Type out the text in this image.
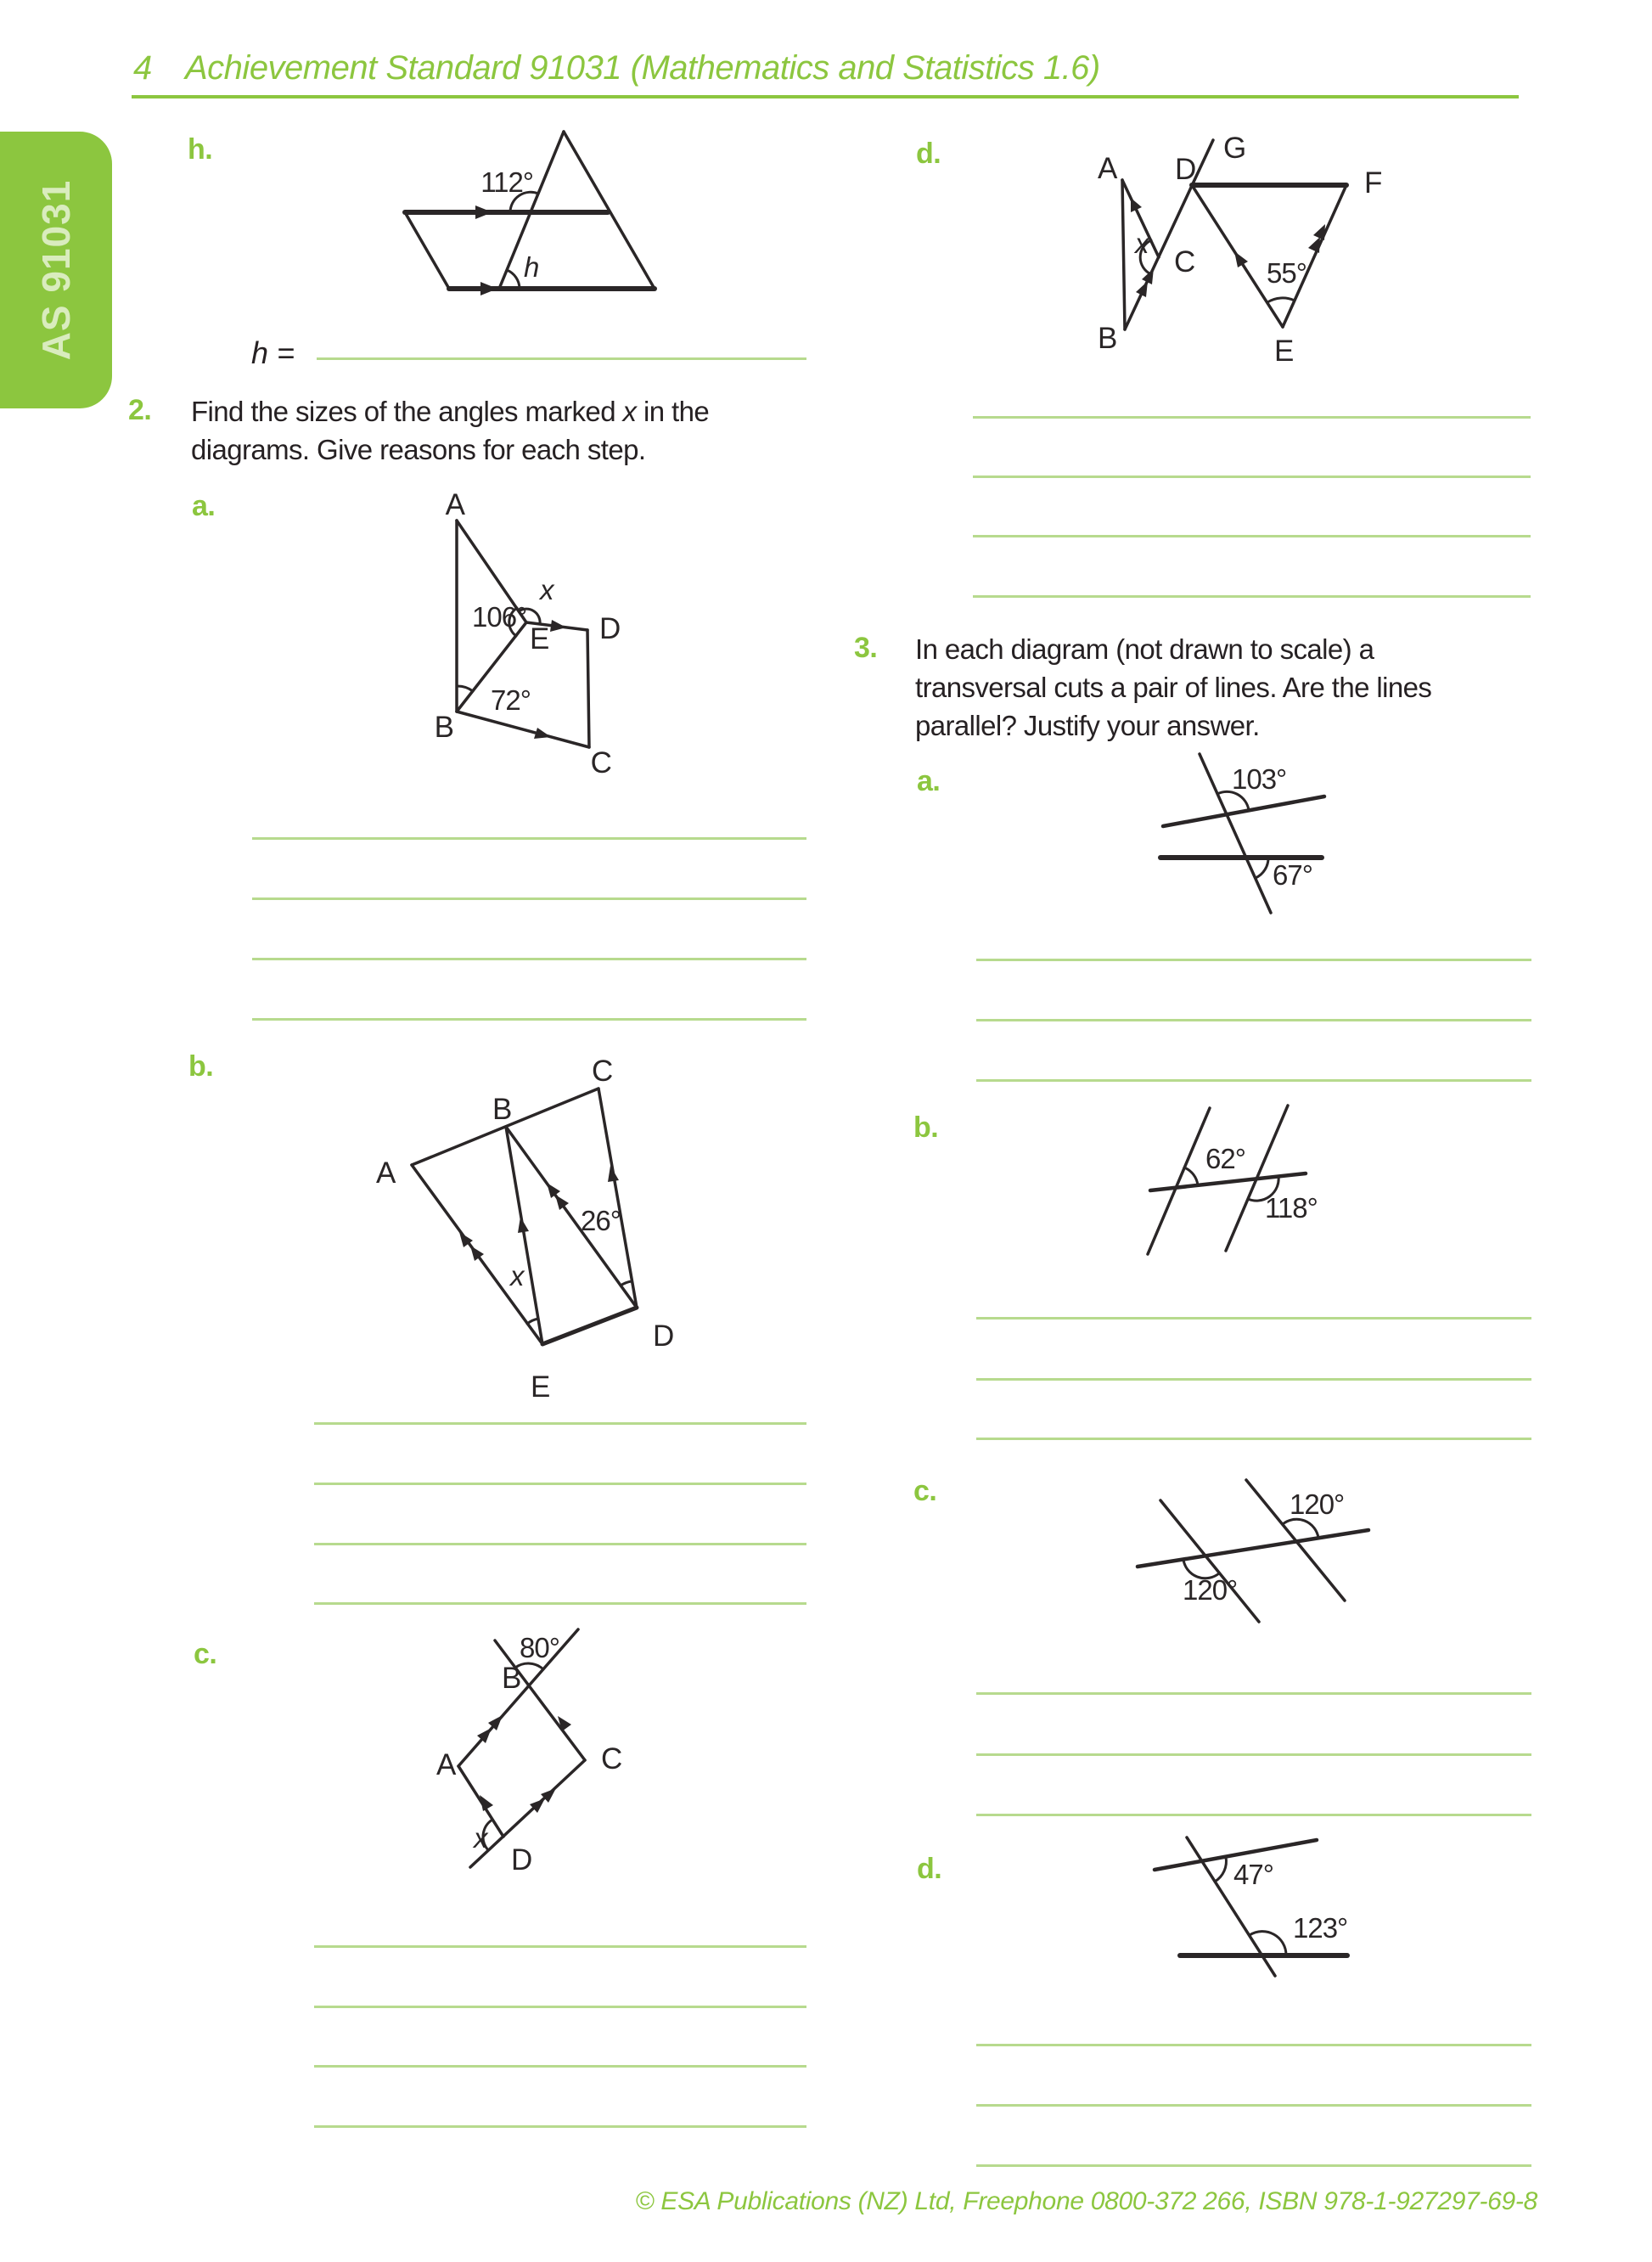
4 Achievement Standard 91031 (Mathematics and Statistics 1.6)
AS 91031
h.
112°
h
h =
2. Find the sizes of the angles marked x in the
diagrams. Give reasons for each step.
a.	A
B
C
D
E
106°
72°
x
b.
A
B
C
D
E
26°
x
c.	80°
B
A	C
D
x
d.	A
B
C
D
G
F
E
x
55°
3. In each diagram (not drawn to scale) a
transversal cuts a pair of lines. Are the lines
parallel? Justify your answer.
a.	103°
67°
b.
62°
118°
c.
120°
120°
d.	47°
123°
© ESA Publications (NZ) Ltd, Freephone 0800-372 266, ISBN 978-1-927297-69-8
